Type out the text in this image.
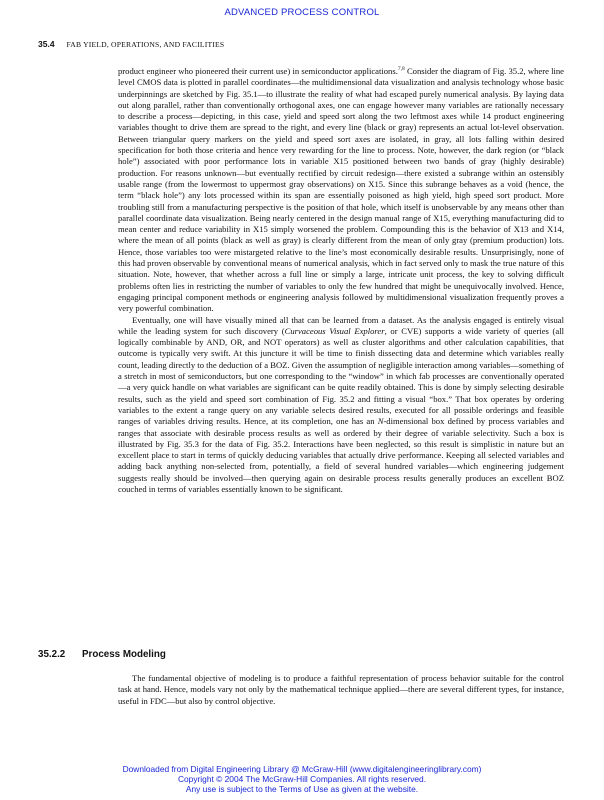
ADVANCED PROCESS CONTROL
35.4 FAB YIELD, OPERATIONS, AND FACILITIES

product engineer who pioneered their current use) in semiconductor applications.$^{7,8}$ Consider the diagram of Fig. 35.2, where line level CMOS data is plotted in parallel coordinates—the multidimensional data visualization and analysis technology whose basic underpinnings are sketched by Fig. 35.1—to illustrate the reality of what had escaped purely numerical analysis. By laying data out along parallel, rather than conventionally orthogonal axes, one can engage however many variables are rationally necessary to describe a process—depicting, in this case, yield and speed sort along the two leftmost axes while 14 product engineering variables thought to drive them are spread to the right, and every line (black or gray) represents an actual lot-level observation. Between triangular query markers on the yield and speed sort axes are isolated, in gray, all lots falling within desired specification for both those criteria and hence very rewarding for the line to process. Note, however, the dark region (or “black hole”) associated with poor performance lots in variable X15 positioned between two bands of gray (highly desirable) production. For reasons unknown—but eventually rectified by circuit redesign—there existed a subrange within an ostensibly usable range (from the lowermost to uppermost gray observations) on X15. Since this subrange behaves as a void (hence, the term “black hole”) any lots processed within its span are essentially poisoned as high yield, high speed sort product. More troubling still from a manufacturing perspective is the position of that hole, which itself is unobservable by any means other than parallel coordinate data visualization. Being nearly centered in the design manual range of X15, everything manufacturing did to mean center and reduce variability in X15 simply worsened the problem. Compounding this is the behavior of X13 and X14, where the mean of all points (black as well as gray) is clearly different from the mean of only gray (premium production) lots. Hence, those variables too were mistargeted relative to the line’s most economically desirable results. Unsurprisingly, none of this had proven observable by conventional means of numerical analysis, which in fact served only to mask the true nature of this situation. Note, however, that whether across a full line or simply a large, intricate unit process, the key to solving difficult problems often lies in restricting the number of variables to only the few hundred that might be unequivocally involved. Hence, engaging principal component methods or engineering analysis followed by multidimensional visualization frequently proves a very powerful combination.

Eventually, one will have visually mined all that can be learned from a dataset. As the analysis engaged is entirely visual while the leading system for such discovery (Curvaceous Visual Explorer, or CVE) supports a wide variety of queries (all logically combinable by AND, OR, and NOT operators) as well as cluster algorithms and other calculation capabilities, that outcome is typically very swift. At this juncture it will be time to finish dissecting data and determine which variables really count, leading directly to the deduction of a BOZ. Given the assumption of negligible interaction among variables—something of a stretch in most of semiconductors, but one corresponding to the “window” in which fab processes are conventionally operated—a very quick handle on what variables are significant can be quite readily obtained. This is done by simply selecting desirable results, such as the yield and speed sort combination of Fig. 35.2 and fitting a visual “box.” That box operates by ordering variables to the extent a range query on any variable selects desired results, executed for all possible orderings and feasible ranges of variables driving results. Hence, at its completion, one has an N-dimensional box defined by process variables and ranges that associate with desirable process results as well as ordered by their degree of variable selectivity. Such a box is illustrated by Fig. 35.3 for the data of Fig. 35.2. Interactions have been neglected, so this result is simplistic in nature but an excellent place to start in terms of quickly deducing variables that actually drive performance. Keeping all selected variables and adding back anything non-selected from, potentially, a field of several hundred variables—which engineering judgement suggests really should be involved—then querying again on desirable process results generally produces an excellent BOZ couched in terms of variables essentially known to be significant.

35.2.2 Process Modeling

The fundamental objective of modeling is to produce a faithful representation of process behavior suitable for the control task at hand. Hence, models vary not only by the mathematical technique applied—there are several different types, for instance, useful in FDC—but also by control objective.

Downloaded from Digital Engineering Library @ McGraw-Hill (www.digitalengineeringlibrary.com)
Copyright © 2004 The McGraw-Hill Companies. All rights reserved.
Any use is subject to the Terms of Use as given at the website.
